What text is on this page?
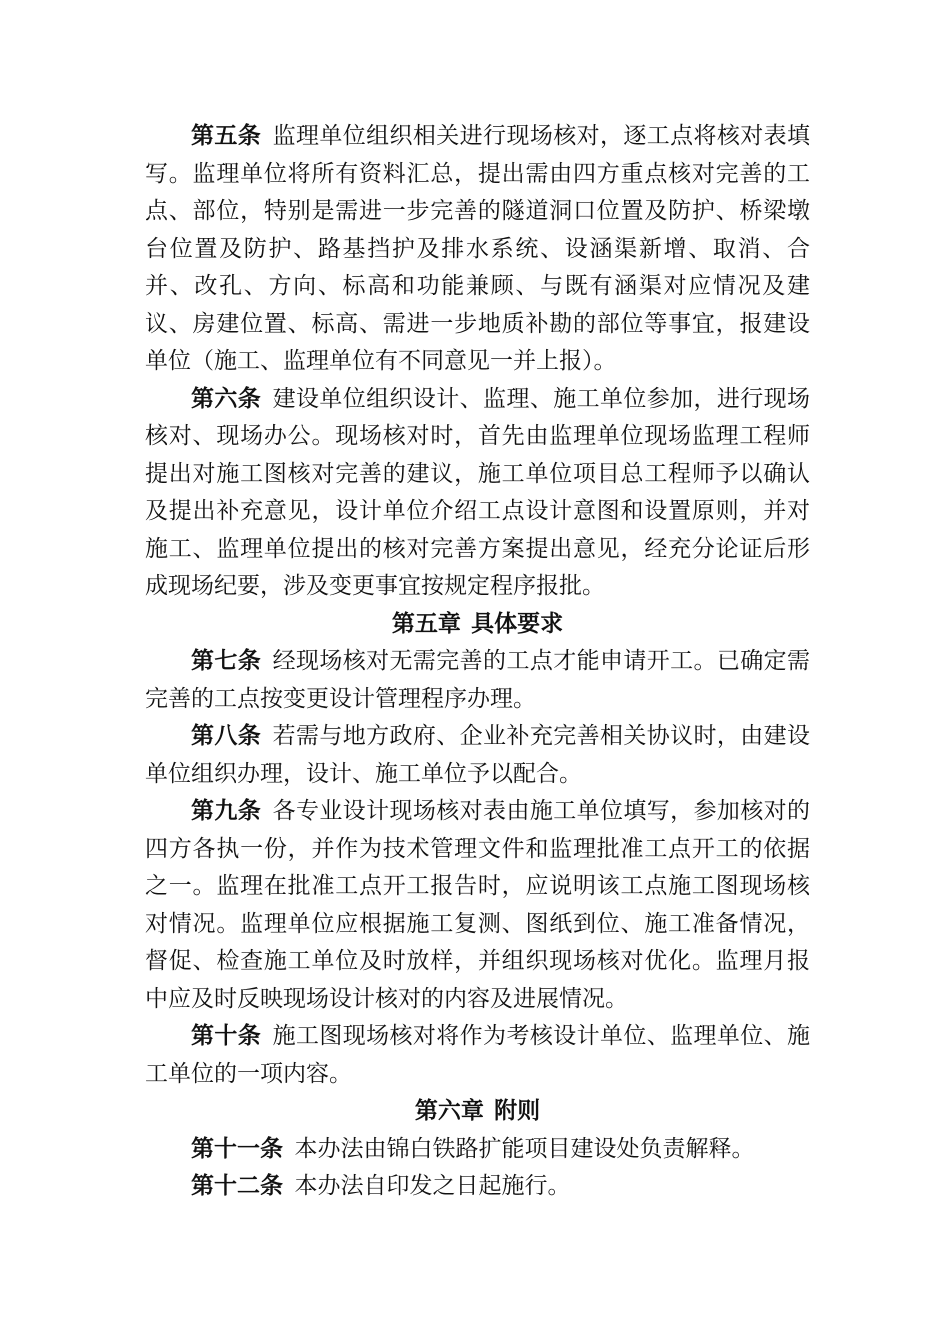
第五条 监理单位组织相关进行现场核对，逐工点将核对表填写。监理单位将所有资料汇总，提出需由四方重点核对完善的工点、部位，特别是需进一步完善的隧道洞口位置及防护、桥梁墩台位置及防护、路基挡护及排水系统、设涵渠新增、取消、合并、改孔、方向、标高和功能兼顾、与既有涵渠对应情况及建议、房建位置、标高、需进一步地质补勘的部位等事宜，报建设单位（施工、监理单位有不同意见一并上报）。

第六条 建设单位组织设计、监理、施工单位参加，进行现场核对、现场办公。现场核对时，首先由监理单位现场监理工程师提出对施工图核对完善的建议，施工单位项目总工程师予以确认及提出补充意见，设计单位介绍工点设计意图和设置原则，并对施工、监理单位提出的核对完善方案提出意见，经充分论证后形成现场纪要，涉及变更事宜按规定程序报批。

第五章 具体要求

第七条 经现场核对无需完善的工点才能申请开工。已确定需完善的工点按变更设计管理程序办理。

第八条 若需与地方政府、企业补充完善相关协议时，由建设单位组织办理，设计、施工单位予以配合。

第九条 各专业设计现场核对表由施工单位填写，参加核对的四方各执一份，并作为技术管理文件和监理批准工点开工的依据之一。监理在批准工点开工报告时，应说明该工点施工图现场核对情况。监理单位应根据施工复测、图纸到位、施工准备情况，督促、检查施工单位及时放样，并组织现场核对优化。监理月报中应及时反映现场设计核对的内容及进展情况。

第十条 施工图现场核对将作为考核设计单位、监理单位、施工单位的一项内容。

第六章 附则

第十一条 本办法由锦白铁路扩能项目建设处负责解释。

第十二条 本办法自印发之日起施行。
